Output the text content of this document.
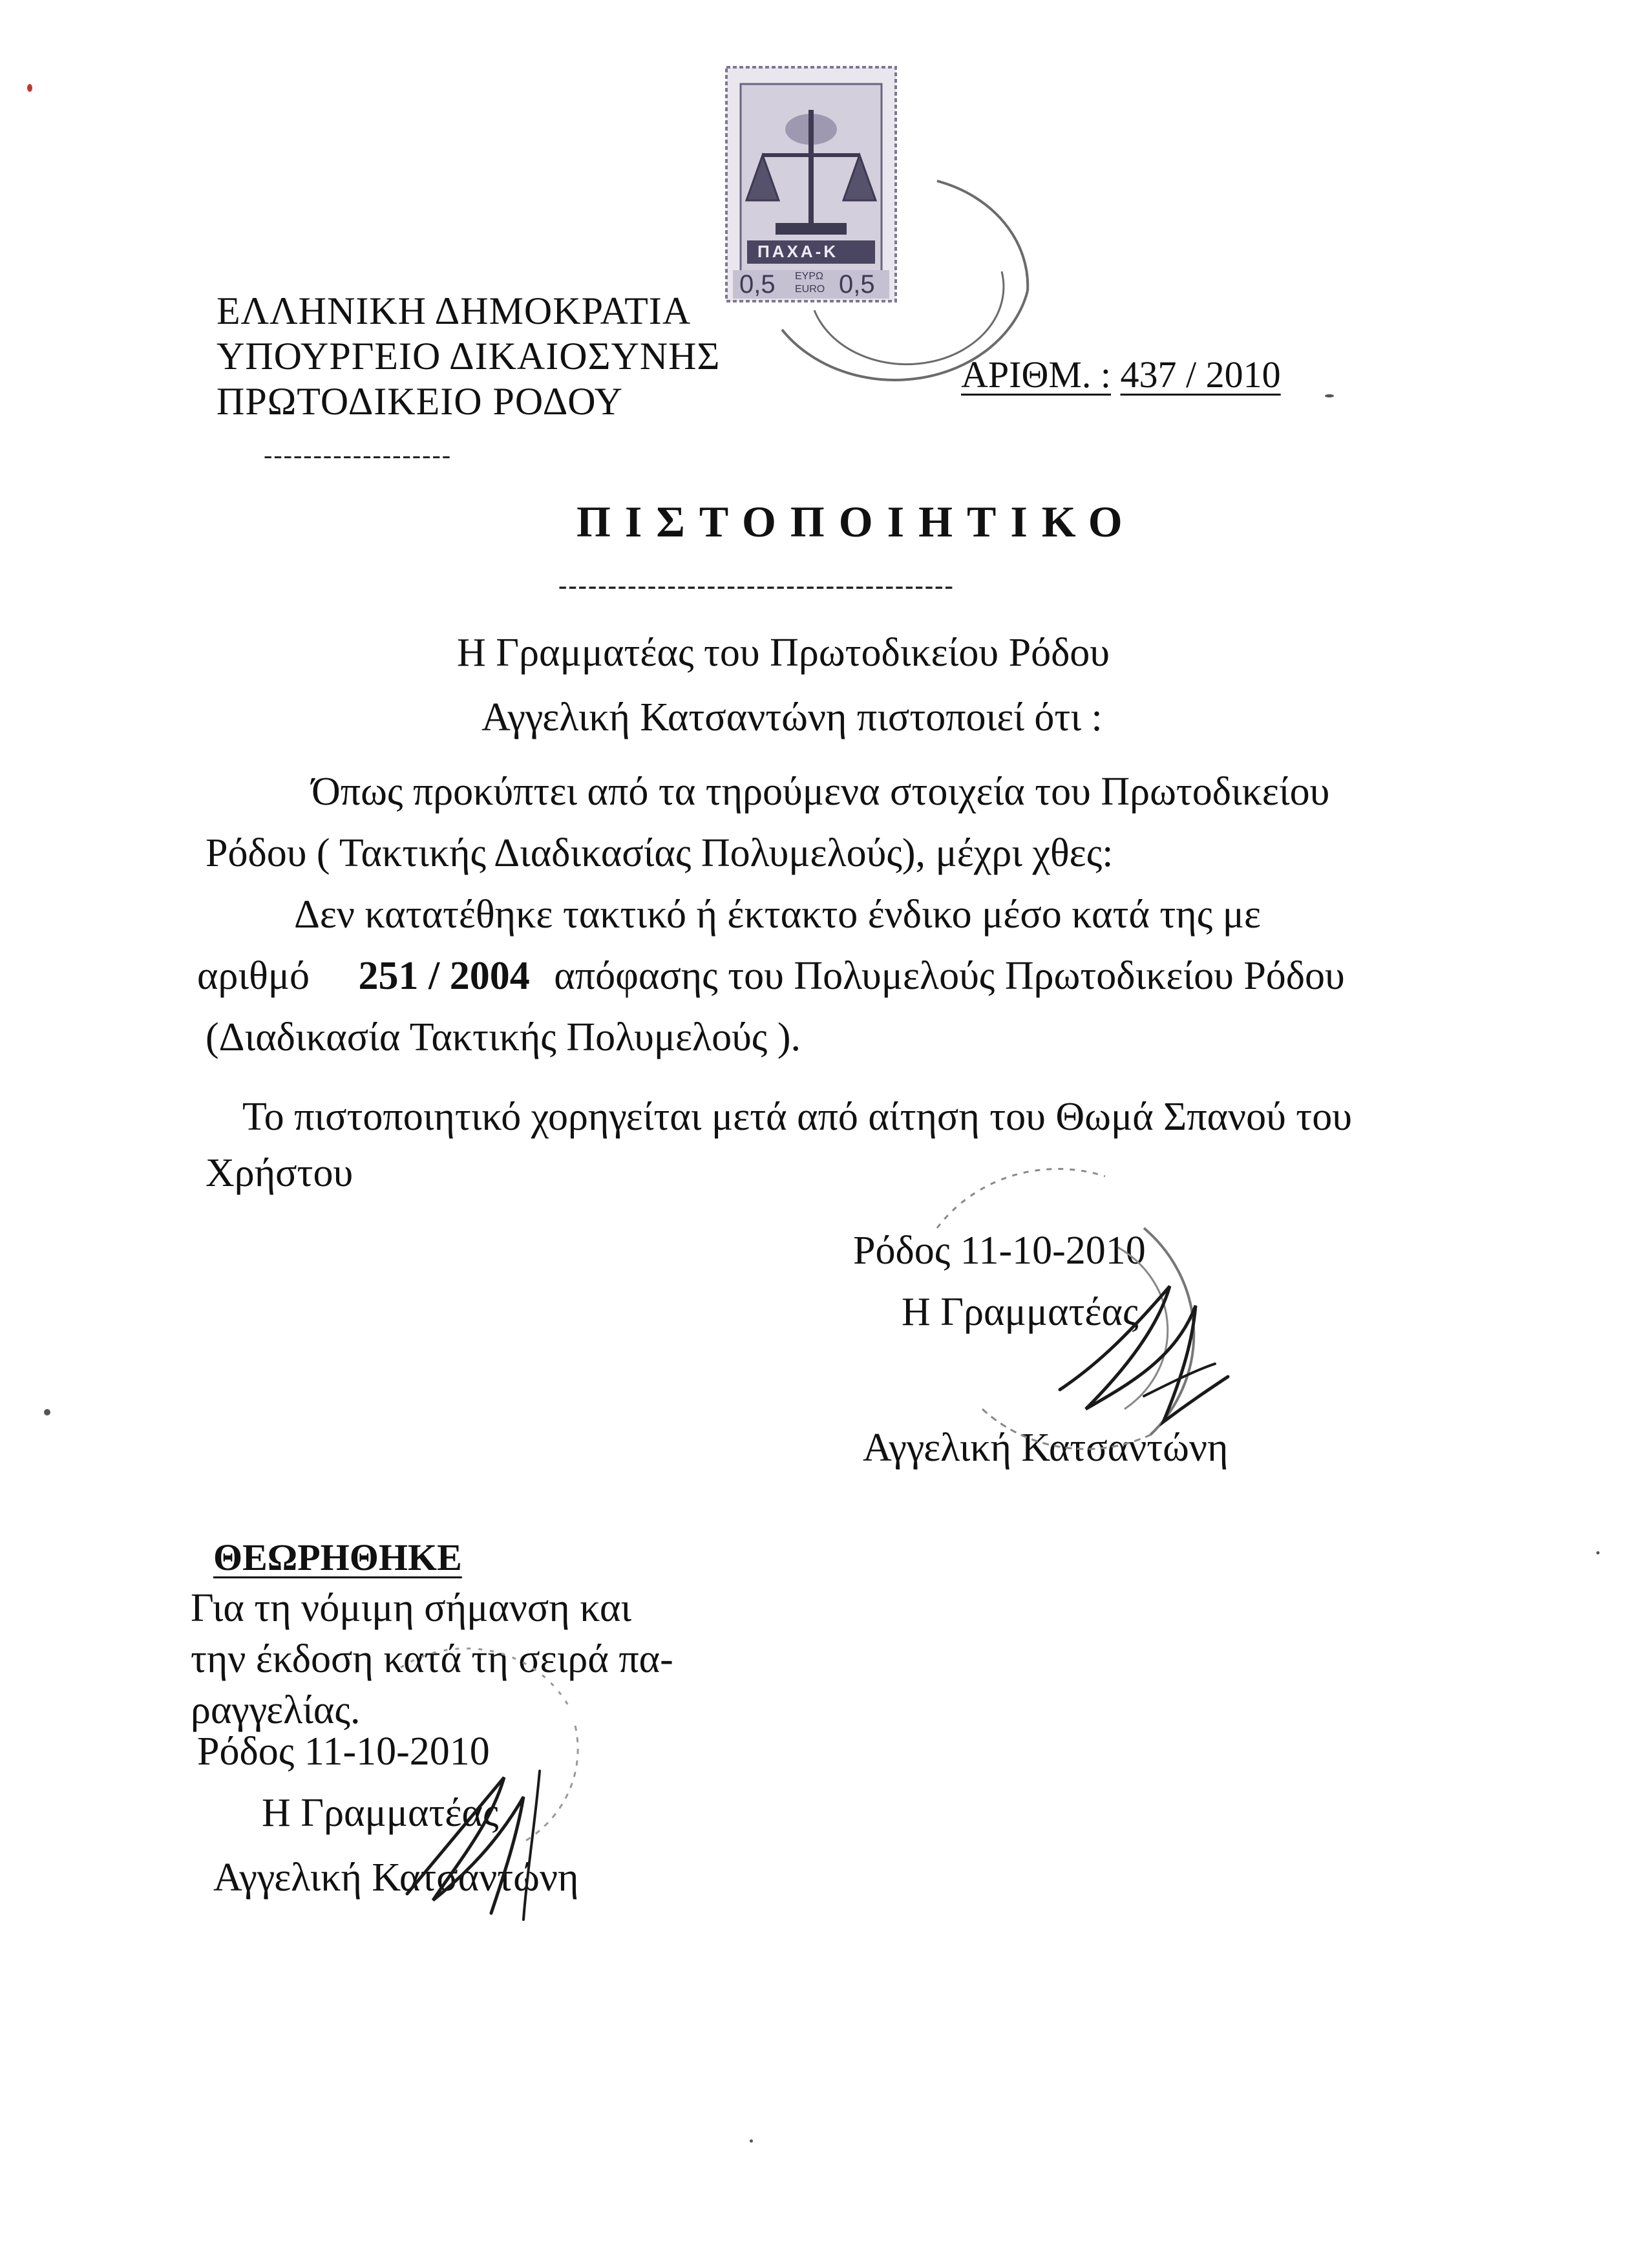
ΕΛΛΗΝΙΚΗ ΔΗΜΟΚΡΑΤΙΑ
ΥΠΟΥΡΓΕΙΟ ΔΙΚΑΙΟΣΥΝΗΣ
ΠΡΩΤΟΔΙΚΕΙΟ ΡΟΔΟΥ
-------------------
ΠΑΧΑ-Κ
0,5 ΕΥΡΩ
EURO 0,5
ΑΡΙΘΜ. : 437 / 2010
ΠΙΣΤΟΠΟΙΗΤΙΚΟ
----------------------------------------
Η Γραμματέας του Πρωτοδικείου Ρόδου
Αγγελική Κατσαντώνη πιστοποιεί ότι :
Όπως προκύπτει από τα τηρούμενα στοιχεία του Πρωτοδικείου
Ρόδου ( Τακτικής Διαδικασίας Πολυμελούς), μέχρι χθες:
Δεν κατατέθηκε τακτικό ή έκτακτο ένδικο μέσο κατά της με
αριθμό 251 / 2004 απόφασης του Πολυμελούς Πρωτοδικείου Ρόδου
(Διαδικασία Τακτικής Πολυμελούς ).
Το πιστοποιητικό χορηγείται μετά από αίτηση του Θωμά Σπανού του
Χρήστου
Ρόδος 11-10-2010
Η Γραμματέας
Αγγελική Κατσαντώνη
ΘΕΩΡΗΘΗΚΕ
Για τη νόμιμη σήμανση και
την έκδοση κατά τη σειρά πα-
ραγγελίας.
Ρόδος 11-10-2010
Η Γραμματέας
Αγγελική Κατσαντώνη
